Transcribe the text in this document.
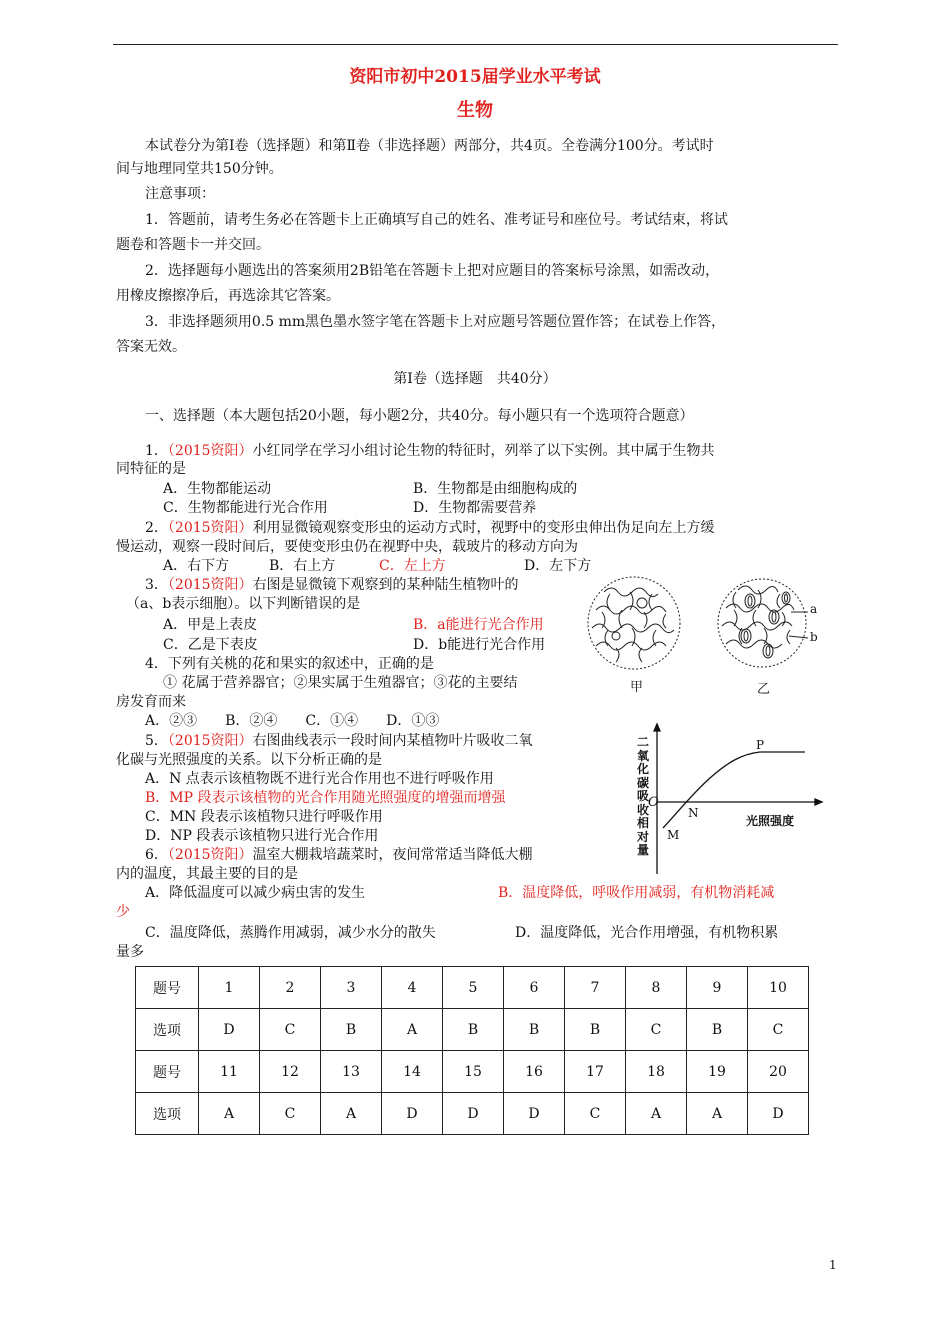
资阳市初中2015届学业水平考试
生物
本试卷分为第Ⅰ卷（选择题）和第Ⅱ卷（非选择题）两部分，共4页。全卷满分100分。考试时
间与地理同堂共150分钟。
注意事项：
1．答题前，请考生务必在答题卡上正确填写自己的姓名、准考证号和座位号。考试结束，将试
题卷和答题卡一并交回。
2．选择题每小题选出的答案须用2B铅笔在答题卡上把对应题目的答案标号涂黑，如需改动，
用橡皮擦擦净后，再选涂其它答案。
3．非选择题须用0.5 mm黑色墨水签字笔在答题卡上对应题号答题位置作答；在试卷上作答，
答案无效。
第Ⅰ卷（选择题　共40分）
一、选择题（本大题包括20小题，每小题2分，共40分。每小题只有一个选项符合题意）
1．（2015资阳）小红同学在学习小组讨论生物的特征时，列举了以下实例。其中属于生物共
同特征的是
A．生物都能运动	B．生物都是由细胞构成的
C．生物都能进行光合作用	D．生物都需要营养
2．（2015资阳）利用显微镜观察变形虫的运动方式时，视野中的变形虫伸出伪足向左上方缓
慢运动，观察一段时间后，要使变形虫仍在视野中央，载玻片的移动方向为
A．右下方	B．右上方	C．左上方	D．左下方
3．（2015资阳）右图是显微镜下观察到的某种陆生植物叶的
（a、b表示细胞）。以下判断错误的是
A．甲是上表皮	B．a能进行光合作用
C．乙是下表皮	D．b能进行光合作用
a
b
甲	乙
4．下列有关桃的花和果实的叙述中，正确的是
① 花属于营养器官；②果实属于生殖器官；③花的主要结
房发育而来
A．②③　　B．②④　　C．①④　　D．①③
5．（2015资阳）右图曲线表示一段时间内某植物叶片吸收二氧
化碳与光照强度的关系。以下分析正确的是
A．N 点表示该植物既不进行光合作用也不进行呼吸作用
B．MP 段表示该植物的光合作用随光照强度的增强而增强
C．MN 段表示该植物只进行呼吸作用
D．NP 段表示该植物只进行光合作用
二
氧
化
碳
吸
收
相
对
量
光照强度
O
P
N
M
6．（2015资阳）温室大棚栽培蔬菜时，夜间常常适当降低大棚
内的温度，其最主要的目的是
A．降低温度可以减少病虫害的发生	B．温度降低，呼吸作用减弱，有机物消耗减
少
C．温度降低，蒸腾作用减弱，减少水分的散失	D．温度降低，光合作用增强，有机物积累
量多
题号	1	2	3	4	5	6	7	8	9	10
选项	D	C	B	A	B	B	B	C	B	C
题号	11	12	13	14	15	16	17	18	19	20
选项	A	C	A	D	D	D	C	A	A	D
1
